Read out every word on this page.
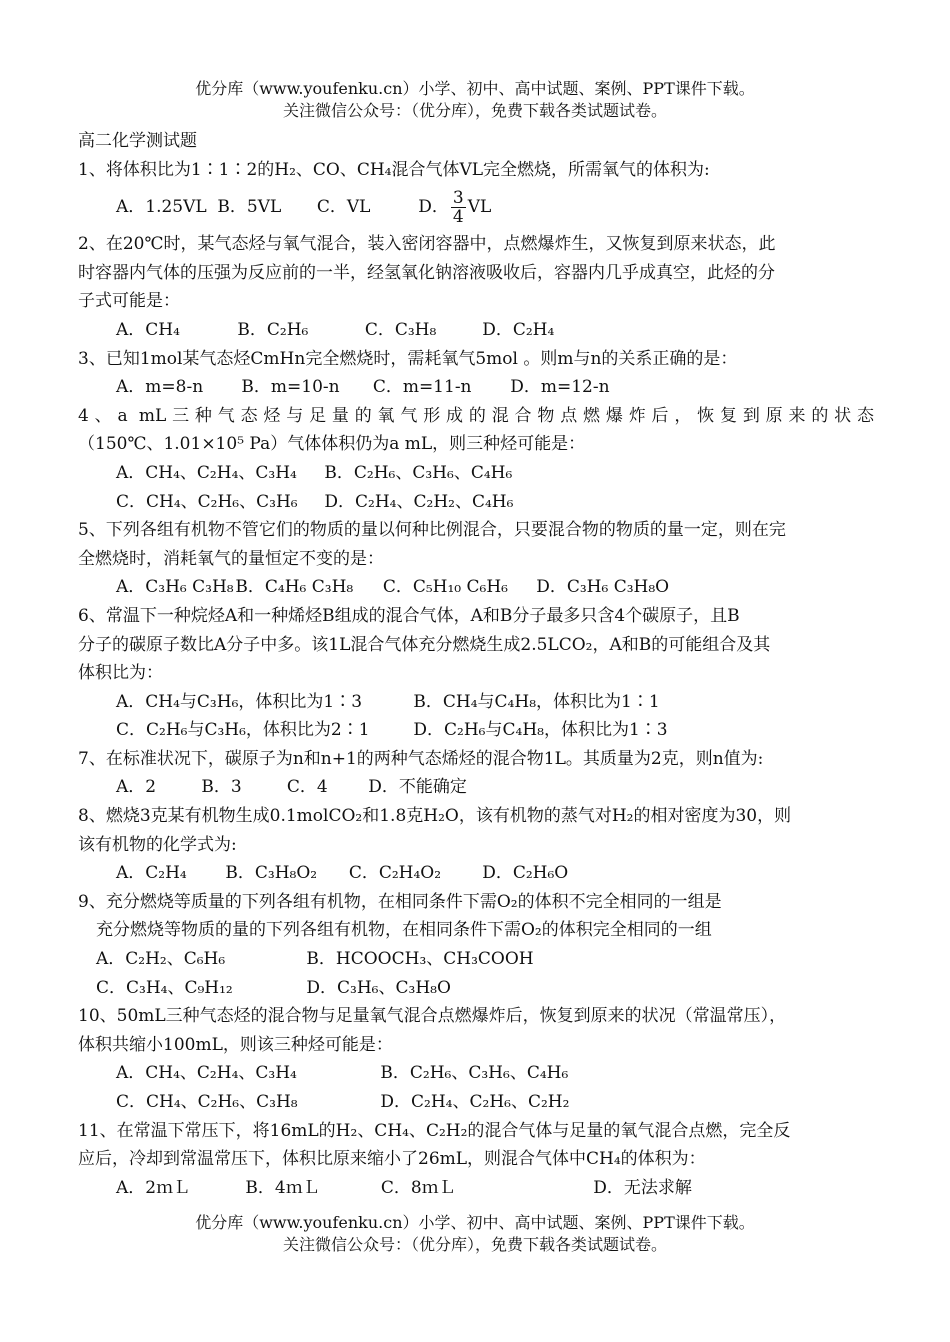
优分库（www.youfenku.cn）小学、初中、高中试题、案例、PPT课件下载。
关注微信公众号：（优分库），免费下载各类试题试卷。
高二化学测试题
1、将体积比为1∶1∶2的H₂、CO、CH₄混合气体VL完全燃烧，所需氧气的体积为:
A．1.25VL B．5VL C．VL	D． $\frac{3}{4}$ VL
2、在20℃时，某气态烃与氧气混合，装入密闭容器中，点燃爆炸生，又恢复到原来状态，此
时容器内气体的压强为反应前的一半，经氢氧化钠溶液吸收后，容器内几乎成真空，此烃的分
子式可能是：
A．CH₄	B．C₂H₆	C．C₃H₈	D．C₂H₄
3、已知1mol某气态烃CmHn完全燃烧时，需耗氧气5mol 。则m与n的关系正确的是：
A．m=8-n B．m=10-n C．m=11-n D．m=12-n
4、a mL三种气态烃与足量的氧气形成的混合物点燃爆炸后，恢复到原来的状态
（150℃、1.01×10⁵ Pa）气体体积仍为a mL，则三种烃可能是：
A．CH₄、C₂H₄、C₃H₄ B．C₂H₆、C₃H₆、C₄H₆
C．CH₄、C₂H₆、C₃H₆ D．C₂H₄、C₂H₂、C₄H₆
5、下列各组有机物不管它们的物质的量以何种比例混合，只要混合物的物质的量一定，则在完
全燃烧时，消耗氧气的量恒定不变的是：
A．C₃H₆ C₃H₈ B．C₄H₆ C₃H₈ C．C₅H₁₀ C₆H₆ D．C₃H₆ C₃H₈O
6、常温下一种烷烃A和一种烯烃B组成的混合气体，A和B分子最多只含4个碳原子，且B
分子的碳原子数比A分子中多。该1L混合气体充分燃烧生成2.5LCO₂，A和B的可能组合及其
体积比为：
A．CH₄与C₃H₆，体积比为1∶3	B．CH₄与C₄H₈，体积比为1∶1
C．C₂H₆与C₃H₆，体积比为2∶1	D．C₂H₆与C₄H₈，体积比为1∶3
7、在标准状况下，碳原子为n和n+1的两种气态烯烃的混合物1L。其质量为2克，则n值为:
A．2	B．3	C．4 D．不能确定
8、燃烧3克某有机物生成0.1molCO₂和1.8克H₂O，该有机物的蒸气对H₂的相对密度为30，则
该有机物的化学式为:
A．C₂H₄ B．C₃H₈O₂ C．C₂H₄O₂ D．C₂H₆O
9、充分燃烧等质量的下列各组有机物，在相同条件下需O₂的体积不完全相同的一组是
充分燃烧等物质的量的下列各组有机物，在相同条件下需O₂的体积完全相同的一组
A．C₂H₂、C₆H₆	B．HCOOCH₃、CH₃COOH
C．C₃H₄、C₉H₁₂	D．C₃H₆、C₃H₈O
10、50mL三种气态烃的混合物与足量氧气混合点燃爆炸后，恢复到原来的状况（常温常压），
体积共缩小100mL，则该三种烃可能是：
A．CH₄、C₂H₄、C₃H₄	B．C₂H₆、C₃H₆、C₄H₆
C．CH₄、C₂H₆、C₃H₈	D．C₂H₄、C₂H₆、C₂H₂
11、在常温下常压下，将16mL的H₂、CH₄、C₂H₂的混合气体与足量的氧气混合点燃，完全反
应后，冷却到常温常压下，体积比原来缩小了26mL，则混合气体中CH₄的体积为：
A．2ｍＬ	B．4ｍＬ	C．8ｍＬ	D．无法求解
优分库（www.youfenku.cn）小学、初中、高中试题、案例、PPT课件下载。
关注微信公众号：（优分库），免费下载各类试题试卷。
